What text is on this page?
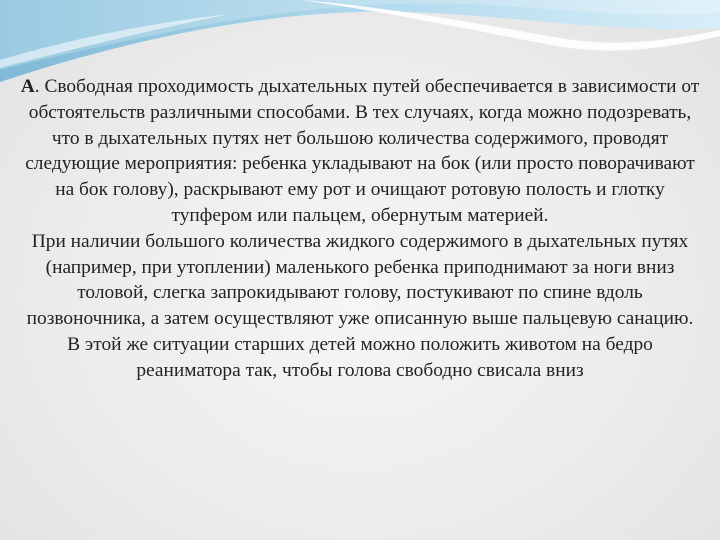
А. Свободная проходимость дыхательных путей обеспечивается в зависимости от обстоятельств различными способами. В тех случаях, когда можно подозревать, что в дыхательных путях нет большою количества содержимого, проводят следующие мероприятия: ребенка укладывают на бок (или просто поворачивают на бок голову), раскрывают ему рот и очищают ротовую полость и глотку тупфером или пальцем, обернутым материей.

При наличии большого количества жидкого содержимого в дыхательных путях (например, при утоплении) маленького ребенка приподнимают за ноги вниз толовой, слегка запрокидывают голову, постукивают по спине вдоль позвоночника, а затем осуществляют уже описанную выше пальцевую санацию. В этой же ситуации старших детей можно положить животом на бедро реаниматора так, чтобы голова свободно свисала вниз
